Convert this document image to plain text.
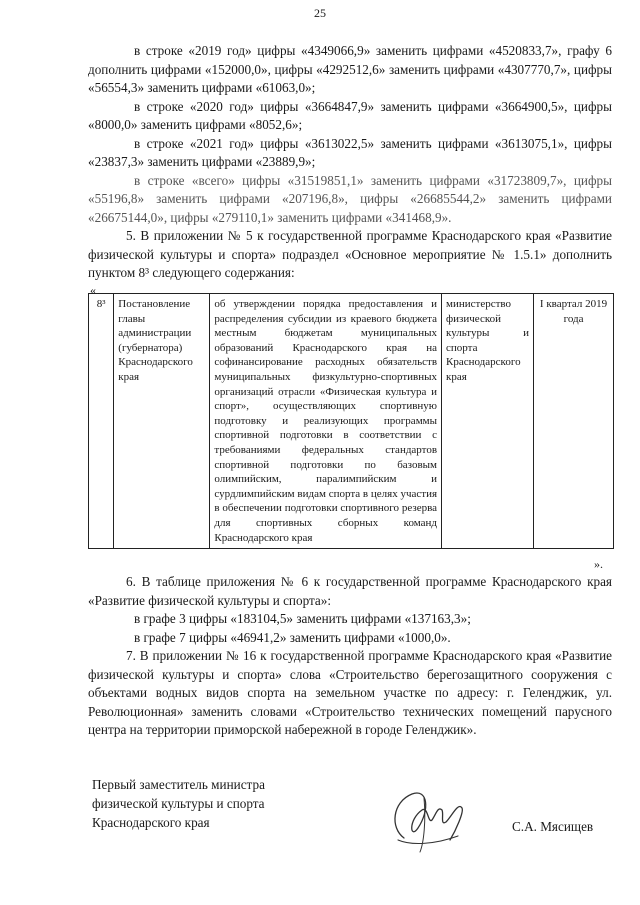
25

в строке «2019 год» цифры «4349066,9» заменить цифрами «4520833,7», графу 6 дополнить цифрами «152000,0», цифры «4292512,6» заменить цифрами «4307770,7», цифры «56554,3» заменить цифрами «61063,0»;

в строке «2020 год» цифры «3664847,9» заменить цифрами «3664900,5», цифры «8000,0» заменить цифрами «8052,6»;

в строке «2021 год» цифры «3613022,5» заменить цифрами «3613075,1», цифры «23837,3» заменить цифрами «23889,9»;

в строке «всего» цифры «31519851,1» заменить цифрами «31723809,7», цифры «55196,8» заменить цифрами «207196,8», цифры «26685544,2» заменить цифрами «26675144,0», цифры «279110,1» заменить цифрами «341468,9».

5. В приложении № 5 к государственной программе Краснодарского края «Развитие физической культуры и спорта» подраздел «Основное мероприятие № 1.5.1» дополнить пунктом 8³ следующего содержания:

«
8³	Постановление главы администрации (губернатора) Краснодарского края	об утверждении порядка предоставления и распределения субсидии из краевого бюджета местным бюджетам муниципальных образований Краснодарского края на софинансирование расходных обязательств муниципальных физкультурно-спортивных организаций отрасли «Физическая культура и спорт», осуществляющих спортивную подготовку и реализующих программы спортивной подготовки в соответствии с требованиями федеральных стандартов спортивной подготовки по базовым олимпийским, паралимпийским и сурдлимпийским видам спорта в целях участия в обеспечении подготовки спортивного резерва для спортивных сборных команд Краснодарского края	министерство физической культуры и спорта Краснодарского края	I квартал 2019 года
».

6. В таблице приложения № 6 к государственной программе Краснодарского края «Развитие физической культуры и спорта»:

в графе 3 цифры «183104,5» заменить цифрами «137163,3»;

в графе 7 цифры «46941,2» заменить цифрами «1000,0».

7. В приложении № 16 к государственной программе Краснодарского края «Развитие физической культуры и спорта» слова «Строительство берегозащитного сооружения с объектами водных видов спорта на земельном участке по адресу: г. Геленджик, ул. Революционная» заменить словами «Строительство технических помещений парусного центра на территории приморской набережной в городе Геленджик».

Первый заместитель министра
физической культуры и спорта
Краснодарского края	С.А. Мясищев
